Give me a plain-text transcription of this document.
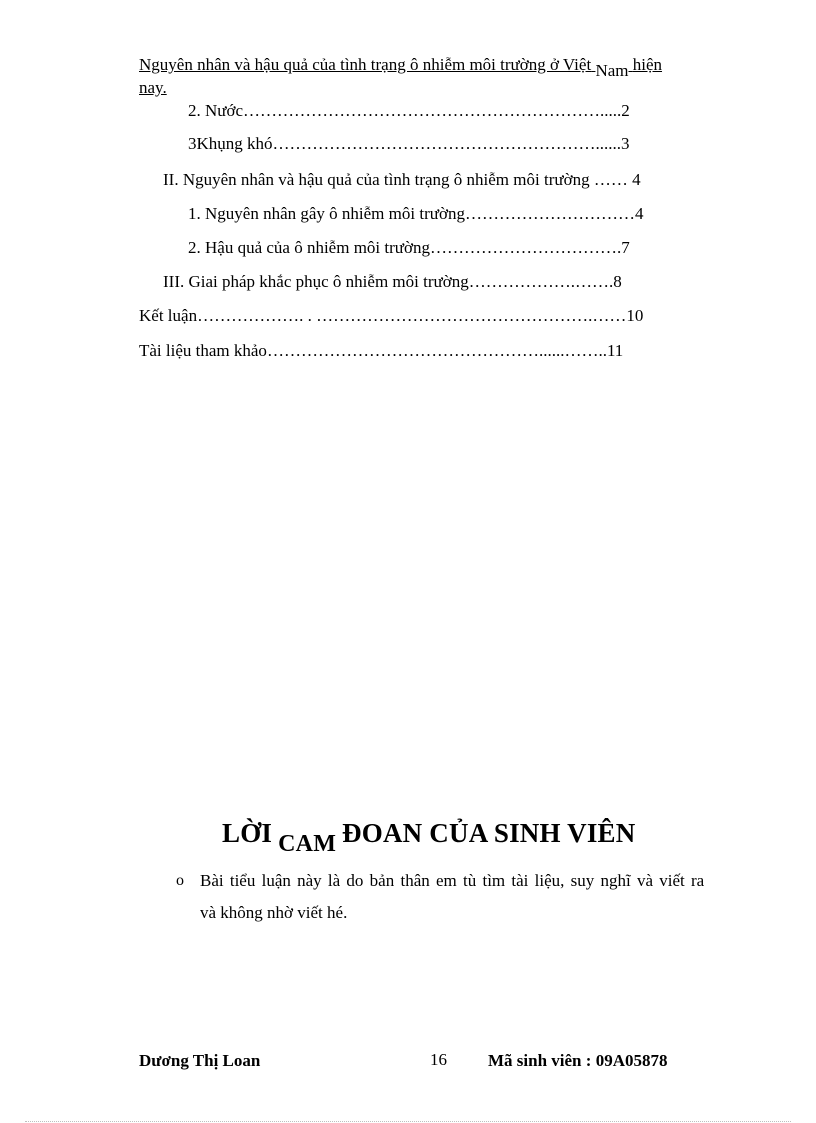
Nguyên nhân và hậu quả của tình trạng ô nhiễm môi trường ở Việt Nam hiện
nay.
2. Nước……………………………………………………….....2
3Khụng khó…………………………………………………......3
II. Nguyên nhân và hậu quả của tình trạng ô nhiễm môi trường …… 4
1. Nguyên nhân gây ô nhiễm môi trường…………………………4
2. Hậu quả của ô nhiễm môi trường…………………………….7
III. Giai pháp khắc phục ô nhiễm môi trường……………….…….8
Kết luận………………. . ………………………………………….……10
Tài liệu tham khảo…………………………………………......……..11
LỜI CAM ĐOAN CỦA SINH VIÊN
o Bài tiểu luận này là do bản thân em tù tìm tài liệu, suy nghĩ và viết ra
và không nhờ viết hé.
Dương Thị Loan	16 Mã sinh viên : 09A05878
